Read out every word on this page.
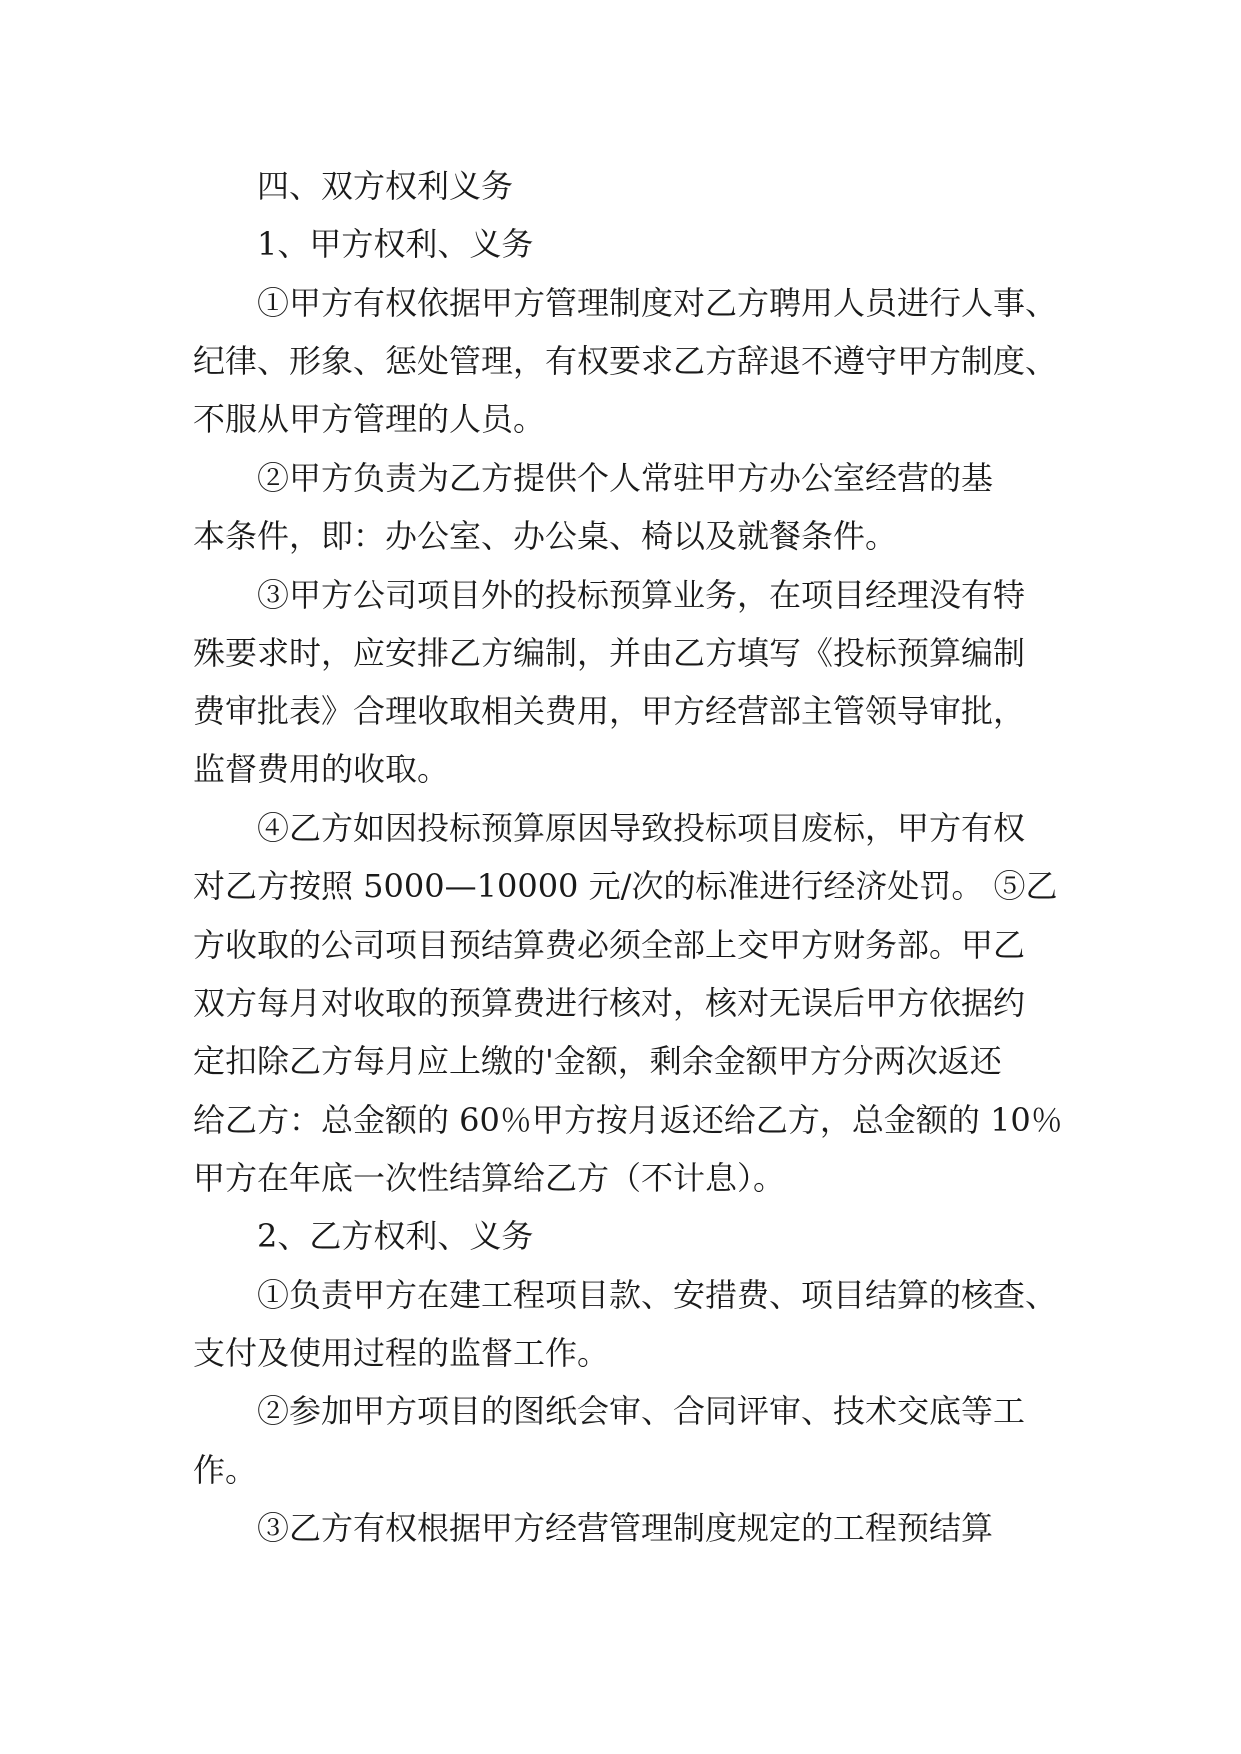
四、双方权利义务

1、甲方权利、义务

①甲方有权依据甲方管理制度对乙方聘用人员进行人事、

纪律、形象、惩处管理，有权要求乙方辞退不遵守甲方制度、

不服从甲方管理的人员。

②甲方负责为乙方提供个人常驻甲方办公室经营的基

本条件，即：办公室、办公桌、椅以及就餐条件。

③甲方公司项目外的投标预算业务，在项目经理没有特

殊要求时，应安排乙方编制，并由乙方填写《投标预算编制

费审批表》合理收取相关费用，甲方经营部主管领导审批，

监督费用的收取。

④乙方如因投标预算原因导致投标项目废标，甲方有权

对乙方按照 5000—10000 元/次的标准进行经济处罚。 ⑤乙

方收取的公司项目预结算费必须全部上交甲方财务部。甲乙

双方每月对收取的预算费进行核对，核对无误后甲方依据约

定扣除乙方每月应上缴的'金额，剩余金额甲方分两次返还

给乙方：总金额的 60％甲方按月返还给乙方，总金额的 10％

甲方在年底一次性结算给乙方（不计息）。

2、乙方权利、义务

①负责甲方在建工程项目款、安措费、项目结算的核查、

支付及使用过程的监督工作。

②参加甲方项目的图纸会审、合同评审、技术交底等工

作。

③乙方有权根据甲方经营管理制度规定的工程预结算
